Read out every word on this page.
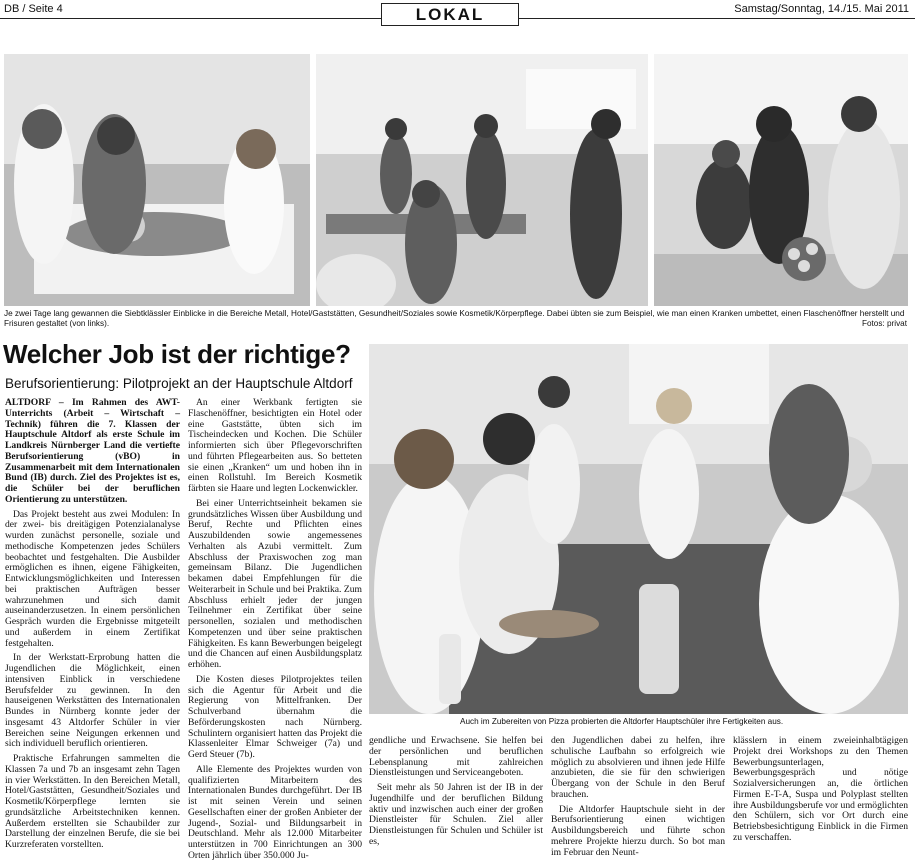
DB / Seite 4	LOKAL	Samstag/Sonntag, 14./15. Mai 2011
Je zwei Tage lang gewannen die Siebtklässler Einblicke in die Bereiche Metall, Hotel/Gaststätten, Gesundheit/Soziales sowie Kosmetik/Körperpflege. Dabei übten sie zum Beispiel, wie man einen Kranken umbettet, einen Flaschenöffner herstellt und Frisuren gestaltet (von links).	Fotos: privat
Welcher Job ist der richtige?
Berufsorientierung: Pilotprojekt an der Hauptschule Altdorf
Auch im Zubereiten von Pizza probierten die Altdorfer Hauptschüler ihre Fertigkeiten aus.

ALTDORF – Im Rahmen des AWT-Unterrichts (Arbeit – Wirtschaft – Technik) führen die 7. Klassen der Hauptschule Altdorf als erste Schule im Landkreis Nürnberger Land die vertiefte Berufsorientierung (vBO) in Zusammenarbeit mit dem Internationalen Bund (IB) durch. Ziel des Projektes ist es, die Schüler bei der beruflichen Orientierung zu unterstützen.

Das Projekt besteht aus zwei Modulen: In der zwei- bis dreitägigen Potenzialanalyse wurden zunächst personelle, soziale und methodische Kompetenzen jedes Schülers beobachtet und festgehalten. Die Ausbilder ermöglichen es ihnen, eigene Fähigkeiten, Entwicklungsmöglichkeiten und Interessen bei praktischen Aufträgen besser wahrzunehmen und sich damit auseinanderzusetzen. In einem persönlichen Gespräch wurden die Ergebnisse mitgeteilt und außerdem in einem Zertifikat festgehalten.

In der Werkstatt-Erprobung hatten die Jugendlichen die Möglichkeit, einen intensiven Einblick in verschiedene Berufsfelder zu gewinnen. In den hauseigenen Werkstätten des Internationalen Bundes in Nürnberg konnte jeder der insgesamt 43 Altdorfer Schüler in vier Bereichen seine Neigungen erkennen und sich individuell beruflich orientieren.

Praktische Erfahrungen sammelten die Klassen 7a und 7b an insgesamt zehn Tagen in vier Werkstätten. In den Bereichen Metall, Hotel/Gaststätten, Gesundheit/Soziales und Kosmetik/Körperpflege lernten sie grundsätzliche Arbeitstechniken kennen. Außerdem erstellten sie Schaubilder zur Darstellung der einzelnen Berufe, die sie bei Kurzreferaten vorstellten.

An einer Werkbank fertigten sie Flaschenöffner, besichtigten ein Hotel oder eine Gaststätte, übten sich im Tischeindecken und Kochen. Die Schüler informierten sich über Pflegevorschriften und führten Pflegearbeiten aus. So betteten sie einen „Kranken“ um und hoben ihn in einen Rollstuhl. Im Bereich Kosmetik färbten sie Haare und legten Lockenwickler.

Bei einer Unterrichtseinheit bekamen sie grundsätzliches Wissen über Ausbildung und Beruf, Rechte und Pflichten eines Auszubildenden sowie angemessenes Verhalten als Azubi vermittelt. Zum Abschluss der Praxiswochen zog man gemeinsam Bilanz. Die Jugendlichen bekamen dabei Empfehlungen für die Weiterarbeit in Schule und bei Praktika. Zum Abschluss erhielt jeder der jungen Teilnehmer ein Zertifikat über seine personellen, sozialen und methodischen Kompetenzen und über seine praktischen Fähigkeiten. Es kann Bewerbungen beigelegt und die Chancen auf einen Ausbildungsplatz erhöhen.

Die Kosten dieses Pilotprojektes teilen sich die Agentur für Arbeit und die Regierung von Mittelfranken. Der Schulverband übernahm die Beförderungskosten nach Nürnberg. Schulintern organisiert hatten das Projekt die Klassenleiter Elmar Schweiger (7a) und Gerd Steuer (7b).

Alle Elemente des Projektes wurden von qualifizierten Mitarbeitern des Internationalen Bundes durchgeführt. Der IB ist mit seinen Verein und seinen Gesellschaften einer der großen Anbieter der Jugend-, Sozial- und Bildungsarbeit in Deutschland. Mehr als 12.000 Mitarbeiter unterstützen in 700 Einrichtungen an 300 Orten jährlich über 350.000 Ju-

gendliche und Erwachsene. Sie helfen bei der persönlichen und beruflichen Lebensplanung mit zahlreichen Dienstleistungen und Serviceangeboten.

Seit mehr als 50 Jahren ist der IB in der Jugendhilfe und der beruflichen Bildung aktiv und inzwischen auch einer der großen Dienstleister für Schulen. Ziel aller Dienstleistungen für Schulen und Schüler ist es,

den Jugendlichen dabei zu helfen, ihre schulische Laufbahn so erfolgreich wie möglich zu absolvieren und ihnen jede Hilfe anzubieten, die sie für den schwierigen Übergang von der Schule in den Beruf brauchen.

Die Altdorfer Hauptschule sieht in der Berufsorientierung einen wichtigen Ausbildungsbereich und führte schon mehrere Projekte hierzu durch. So bot man im Februar den Neunt-

klässlern in einem zweieinhalbtägigen Projekt drei Workshops zu den Themen Bewerbungsunterlagen, Bewerbungsgespräch und nötige Sozialversicherungen an, die örtlichen Firmen E-T-A, Suspa und Polyplast stellten ihre Ausbildungsberufe vor und ermöglichten den Schülern, sich vor Ort durch eine Betriebsbesichtigung Einblick in die Firmen zu verschaffen.
